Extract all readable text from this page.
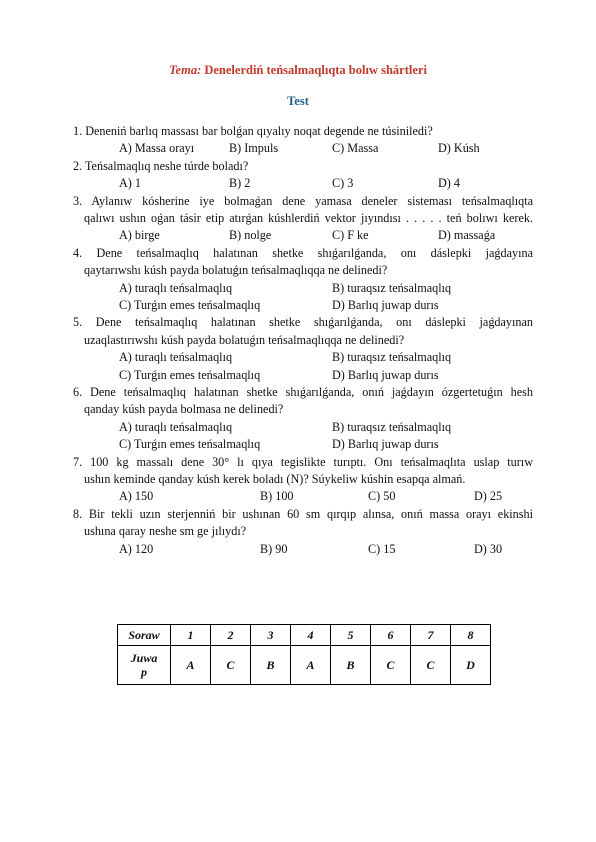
Tema: Denelerdiń teńsalmaqlıqta bolıw shártleri
Test
1. Deneniń barlıq massası bar bolǵan qıyalıy noqat degende ne túsiniledi?
A) Massa orayı	B) Impuls	C) Massa	D) Kúsh
2. Teńsalmaqlıq neshe túrde boladı?
A) 1	B) 2	C) 3	D) 4
3. Aylanıw kósherine iye bolmaǵan dene yamasa deneler sisteması teńsalmaqlıqta
qalıwı ushın oǵan tásir etip atırǵan kúshlerdiń vektor jıyındısı . . . . . teń bolıwı kerek.
A) birge	B) nolge	C) F ke	D) massaǵa
4. Dene teńsalmaqlıq halatınan shetke shıǵarılǵanda, onı dáslepki jaǵdayına
qaytarıwshı kúsh payda bolatuǵın teńsalmaqlıqqa ne delinedi?
A) turaqlı teńsalmaqlıq	B) turaqsız teńsalmaqlıq
C) Turǵın emes teńsalmaqlıq	D) Barlıq juwap durıs
5. Dene teńsalmaqlıq halatınan shetke shıǵarılǵanda, onı dáslepki jaǵdayınan
uzaqlastırıwshı kúsh payda bolatuǵın teńsalmaqlıqqa ne delinedi?
A) turaqlı teńsalmaqlıq	B) turaqsız teńsalmaqlıq
C) Turǵın emes teńsalmaqlıq	D) Barlıq juwap durıs
6. Dene teńsalmaqlıq halatınan shetke shıǵarılǵanda, onıń jaǵdayın ózgertetuǵın hesh
qanday kúsh payda bolmasa ne delinedi?
A) turaqlı teńsalmaqlıq	B) turaqsız teńsalmaqlıq
C) Turǵın emes teńsalmaqlıq	D) Barlıq juwap durıs
7. 100 kg massalı dene 30° lı qıya tegislikte turıptı. Onı teńsalmaqlıta uslap turıw
ushın keminde qanday kúsh kerek boladı (N)? Súykeliw kúshin esapqa almań.
A) 150	B) 100	C) 50	D) 25
8. Bir tekli uzın sterjenniń bir ushınan 60 sm qırqıp alınsa, onıń massa orayı ekinshi
ushına qaray neshe sm ge jılıydı?
A) 120	B) 90	C) 15	D) 30
Soraw	1	2	3	4	5	6	7	8
Juwa
p	A	C	B	A	B	C	C	D
